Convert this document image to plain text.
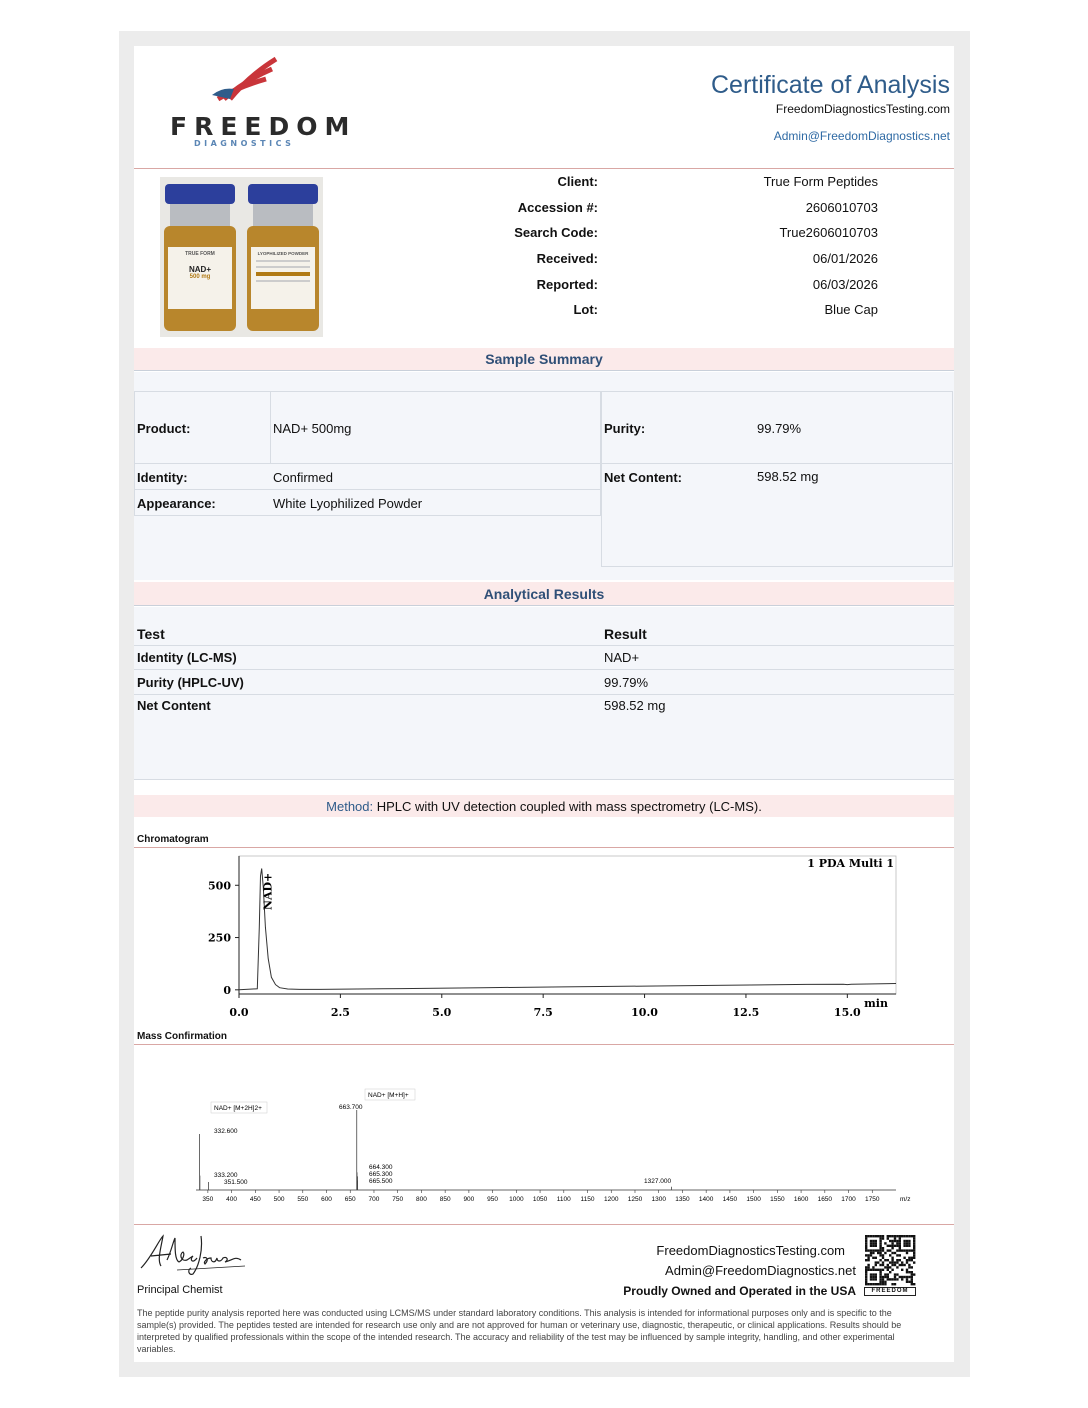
FREEDOM
DIAGNOSTICS
Certificate of Analysis
FreedomDiagnosticsTesting.com
Admin@FreedomDiagnostics.net
TRUE FORM
NAD+
500 mg
LYOPHILIZED POWDER
Client:	True Form Peptides
Accession #:	2606010703
Search Code:	True2606010703
Received:	06/01/2026
Reported:	06/03/2026
Lot:	Blue Cap
Sample Summary
Product:	NAD+ 500mg
Identity:	Confirmed
Appearance:	White Lyophilized Powder
Purity:	99.79%
Net Content:	598.52 mg
Analytical Results
Test	Result
Identity (LC-MS)	NAD+
Purity (HPLC-UV)	99.79%
Net Content	598.52 mg
Method: HPLC with UV detection coupled with mass spectrometry (LC-MS).
Chromatogram
0.0	2.5	5.0	7.5	10.0	12.5	15.0
0
250
500	NAD+
1 PDA Multi 1
min
Mass Confirmation
350 400 450 500 550 600 650 700 750 800 850 900 950 1000 1050 1100 1150 1200 1250 1300 1350 1400 1450 1500 1550 1600 1650 1700 1750	m/z
NAD+ [M+2H]2+
332.600
333.200
351.500
NAD+ [M+H]+
663.700
664.300
665.300
665.500	1327.000
Principal Chemist
FreedomDiagnosticsTesting.com
Admin@FreedomDiagnostics.net
Proudly Owned and Operated in the USA	FREEDOM
The peptide purity analysis reported here was conducted using LCMS/MS under standard laboratory conditions. This analysis is intended for informational purposes only and is specific to the sample(s) provided. The peptides tested are intended for research use only and are not approved for human or veterinary use, diagnostic, therapeutic, or clinical applications. Results should be interpreted by qualified professionals within the scope of the intended research. The accuracy and reliability of the test may be influenced by sample integrity, handling, and other experimental variables.
